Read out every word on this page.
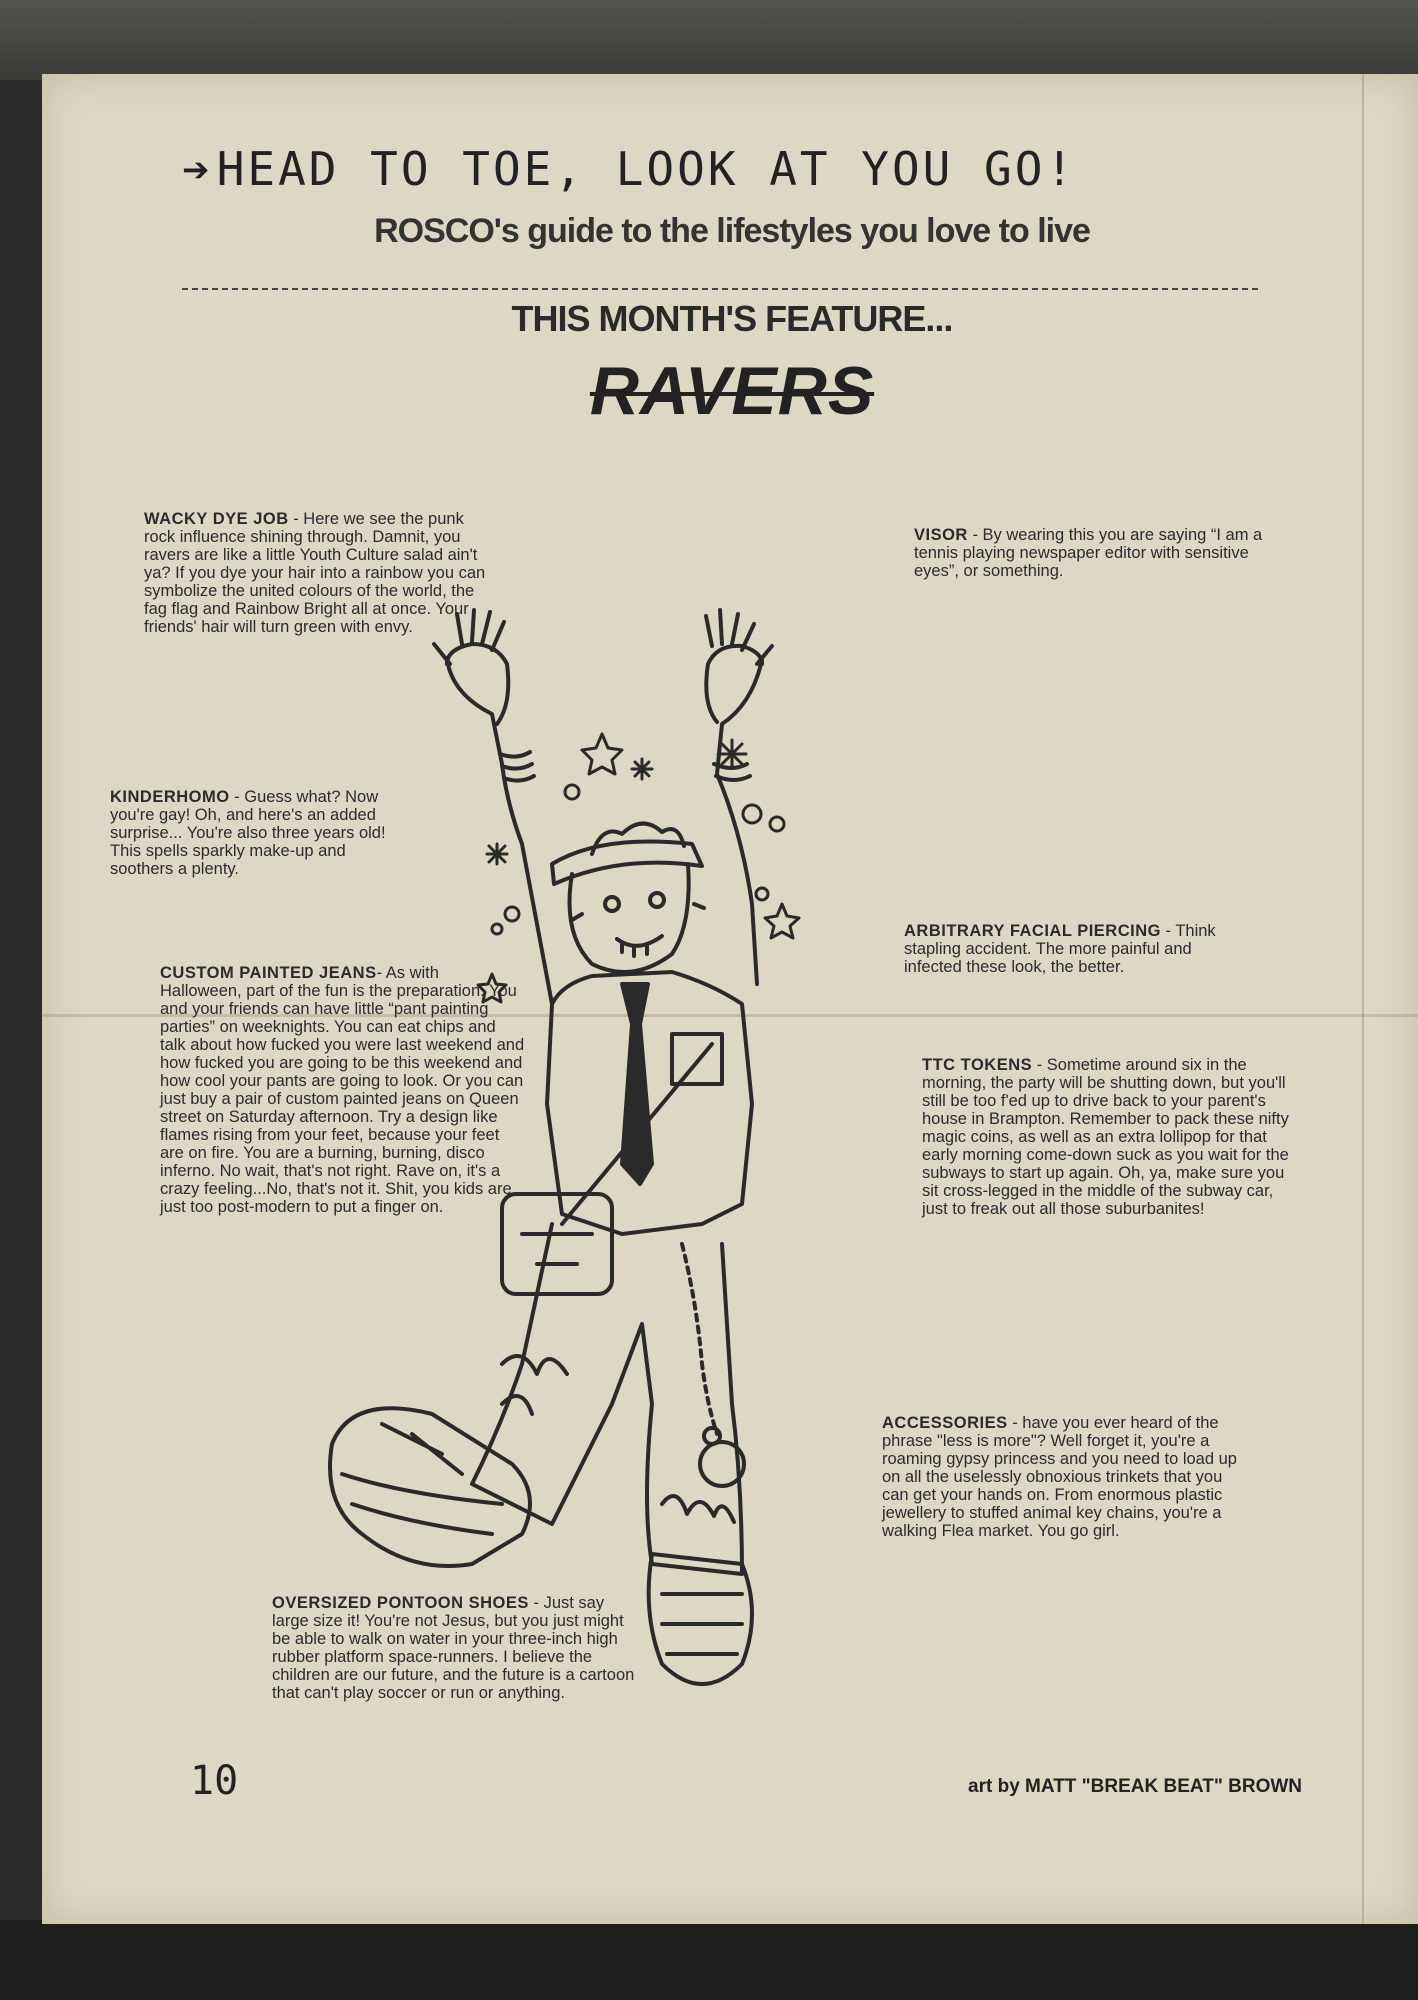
➔HEAD TO TOE, LOOK AT YOU GO!
ROSCO's guide to the lifestyles you love to live
THIS MONTH'S FEATURE...
RAVERS
WACKY DYE JOB - Here we see the punk rock influence shining through. Damnit, you ravers are like a little Youth Culture salad ain't ya? If you dye your hair into a rainbow you can symbolize the united colours of the world, the fag flag and Rainbow Bright all at once. Your friends' hair will turn green with envy.
KINDERHOMO - Guess what? Now you're gay! Oh, and here's an added surprise... You're also three years old! This spells sparkly make-up and soothers a plenty.
CUSTOM PAINTED JEANS- As with Halloween, part of the fun is the preparation. You and your friends can have little “pant painting parties” on weeknights. You can eat chips and talk about how fucked you were last weekend and how fucked you are going to be this weekend and how cool your pants are going to look. Or you can just buy a pair of custom painted jeans on Queen street on Saturday afternoon. Try a design like flames rising from your feet, because your feet are on fire. You are a burning, burning, disco inferno. No wait, that's not right. Rave on, it's a crazy feeling...No, that's not it. Shit, you kids are just too post-modern to put a finger on.
OVERSIZED PONTOON SHOES - Just say large size it! You're not Jesus, but you just might be able to walk on water in your three-inch high rubber platform space-runners. I believe the children are our future, and the future is a cartoon that can't play soccer or run or anything.
VISOR - By wearing this you are saying “I am a tennis playing newspaper editor with sensitive eyes”, or something.
ARBITRARY FACIAL PIERCING - Think stapling accident. The more painful and infected these look, the better.
TTC TOKENS - Sometime around six in the morning, the party will be shutting down, but you'll still be too f'ed up to drive back to your parent's house in Brampton. Remember to pack these nifty magic coins, as well as an extra lollipop for that early morning come-down suck as you wait for the subways to start up again. Oh, ya, make sure you sit cross-legged in the middle of the subway car, just to freak out all those suburbanites!
ACCESSORIES - have you ever heard of the phrase "less is more"? Well forget it, you're a roaming gypsy princess and you need to load up on all the uselessly obnoxious trinkets that you can get your hands on. From enormous plastic jewellery to stuffed animal key chains, you're a walking Flea market. You go girl.
10	art by MATT "BREAK BEAT" BROWN
